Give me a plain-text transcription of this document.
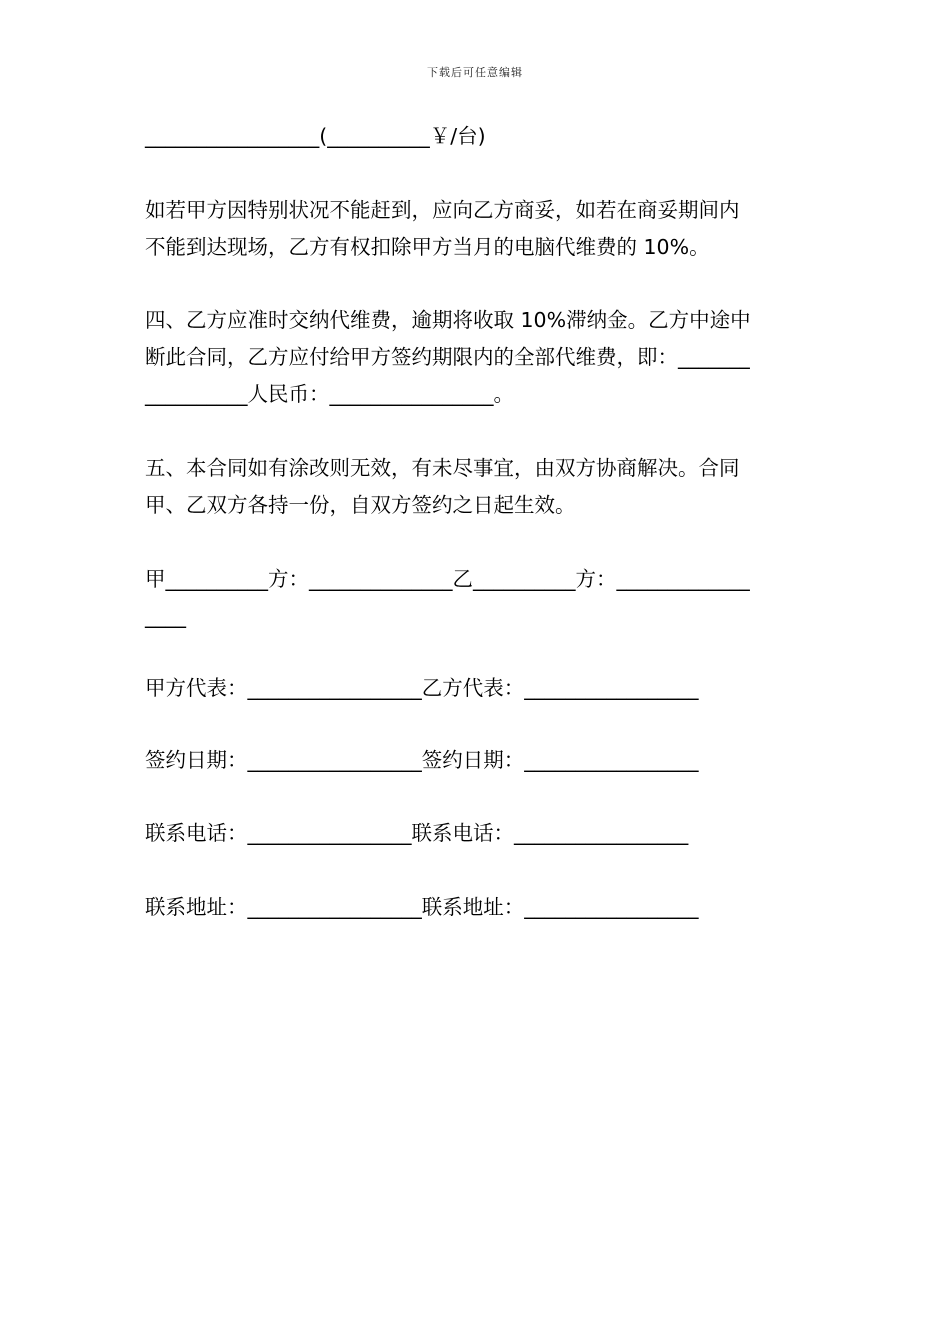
下载后可任意编辑
_________________(__________￥/台)
如若甲方因特别状况不能赶到，应向乙方商妥，如若在商妥期间内
不能到达现场，乙方有权扣除甲方当月的电脑代维费的 10%。
四、乙方应准时交纳代维费，逾期将收取 10%滞纳金。乙方中途中
断此合同，乙方应付给甲方签约期限内的全部代维费，即：_______
__________人民币：________________。
五、本合同如有涂改则无效，有未尽事宜，由双方协商解决。合同
甲、乙双方各持一份，自双方签约之日起生效。
甲__________方：______________乙__________方：_____________
____
甲方代表：_________________乙方代表：_________________
签约日期：_________________签约日期：_________________
联系电话：________________联系电话：_________________
联系地址：_________________联系地址：_________________
